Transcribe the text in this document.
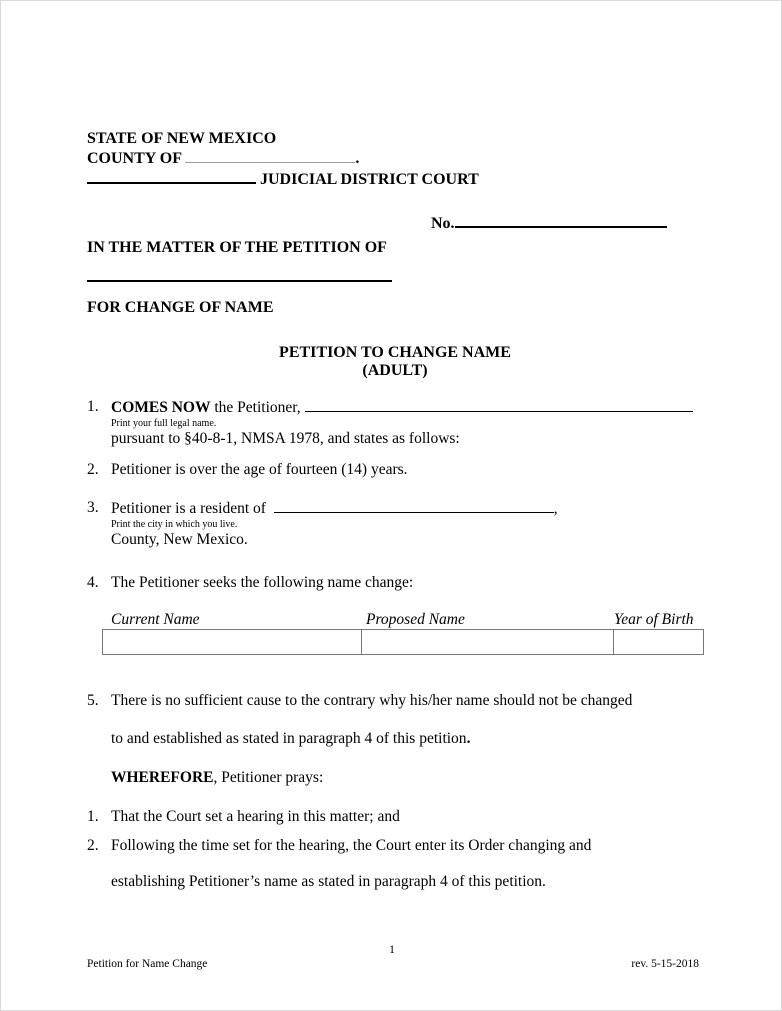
STATE OF NEW MEXICO
COUNTY OF	.
JUDICIAL DISTRICT COURT
No.
IN THE MATTER OF THE PETITION OF
FOR CHANGE OF NAME
PETITION TO CHANGE NAME
(ADULT)
1. COMES NOW the Petitioner,
Print your full legal name.
pursuant to §40-8-1, NMSA 1978, and states as follows:
2. Petitioner is over the age of fourteen (14) years.
3. Petitioner is a resident of	,
Print the city in which you live.
County, New Mexico.
4. The Petitioner seeks the following name change:
Current Name	Proposed Name	Year of Birth
5. There is no sufficient cause to the contrary why his/her name should not be changed
to and established as stated in paragraph 4 of this petition.
WHEREFORE, Petitioner prays:
1. That the Court set a hearing in this matter; and
2. Following the time set for the hearing, the Court enter its Order changing and
establishing Petitioner’s name as stated in paragraph 4 of this petition.
1
Petition for Name Change	rev. 5-15-2018
